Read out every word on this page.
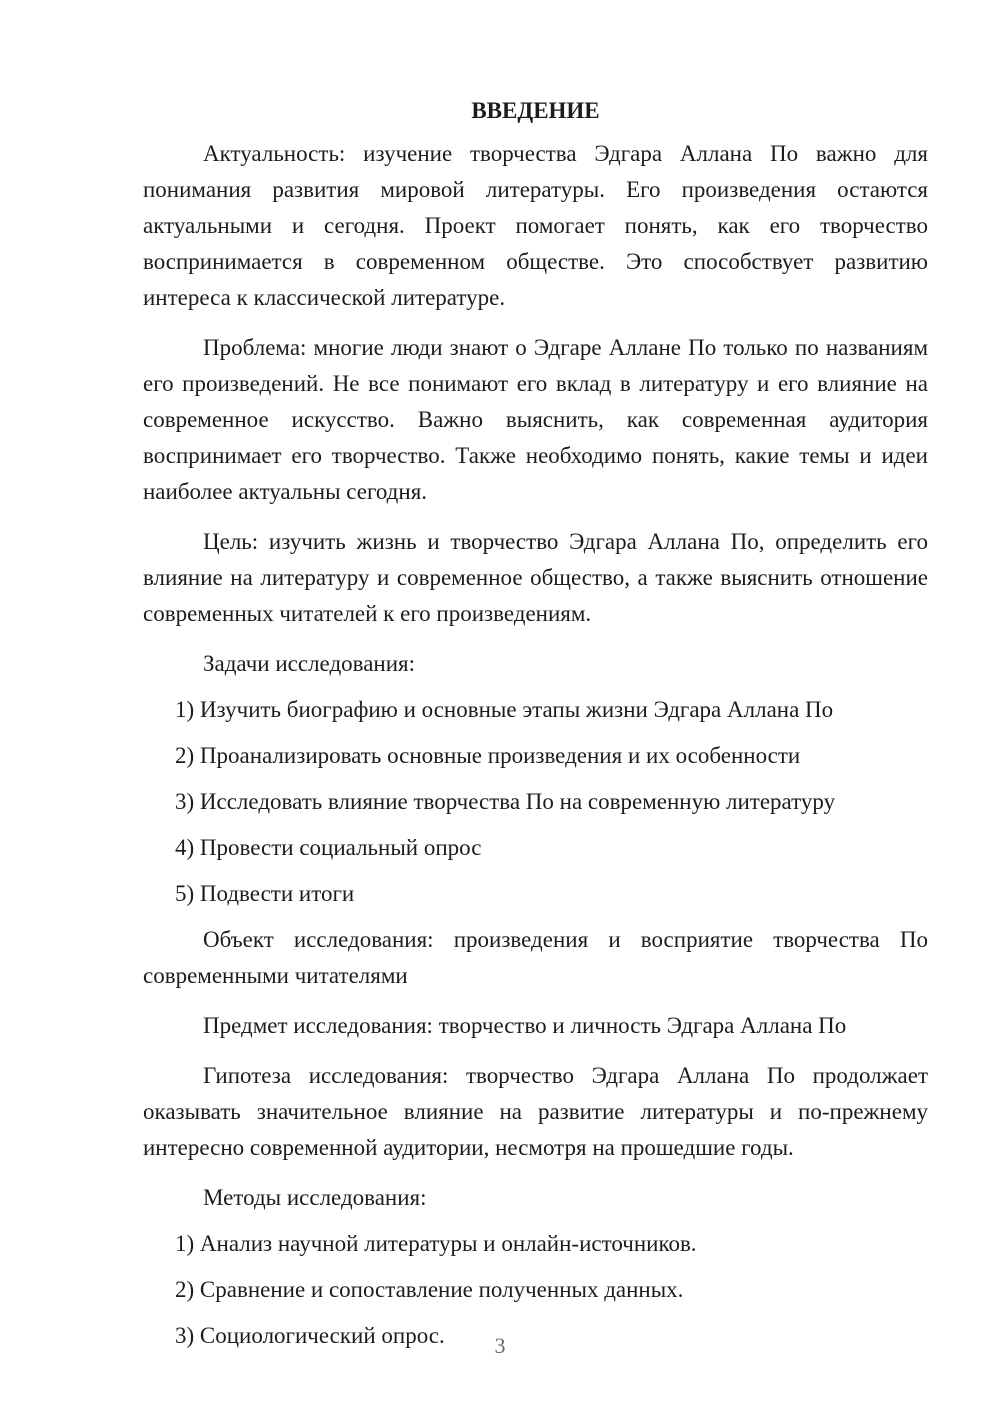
ВВЕДЕНИЕ

Актуальность: изучение творчества Эдгара Аллана По важно для понимания развития мировой литературы. Его произведения остаются актуальными и сегодня. Проект помогает понять, как его творчество воспринимается в современном обществе. Это способствует развитию интереса к классической литературе.

Проблема: многие люди знают о Эдгаре Аллане По только по названиям его произведений. Не все понимают его вклад в литературу и его влияние на современное искусство. Важно выяснить, как современная аудитория воспринимает его творчество. Также необходимо понять, какие темы и идеи наиболее актуальны сегодня.

Цель: изучить жизнь и творчество Эдгара Аллана По, определить его влияние на литературу и современное общество, а также выяснить отношение современных читателей к его произведениям.

Задачи исследования:
1) Изучить биографию и основные этапы жизни Эдгара Аллана По
2) Проанализировать основные произведения и их особенности
3) Исследовать влияние творчества По на современную литературу
4) Провести социальный опрос
5) Подвести итоги

Объект исследования: произведения и восприятие творчества По современными читателями

Предмет исследования: творчество и личность Эдгара Аллана По

Гипотеза исследования: творчество Эдгара Аллана По продолжает оказывать значительное влияние на развитие литературы и по-прежнему интересно современной аудитории, несмотря на прошедшие годы.

Методы исследования:
1) Анализ научной литературы и онлайн-источников.
2) Сравнение и сопоставление полученных данных.
3) Социологический опрос.	3
